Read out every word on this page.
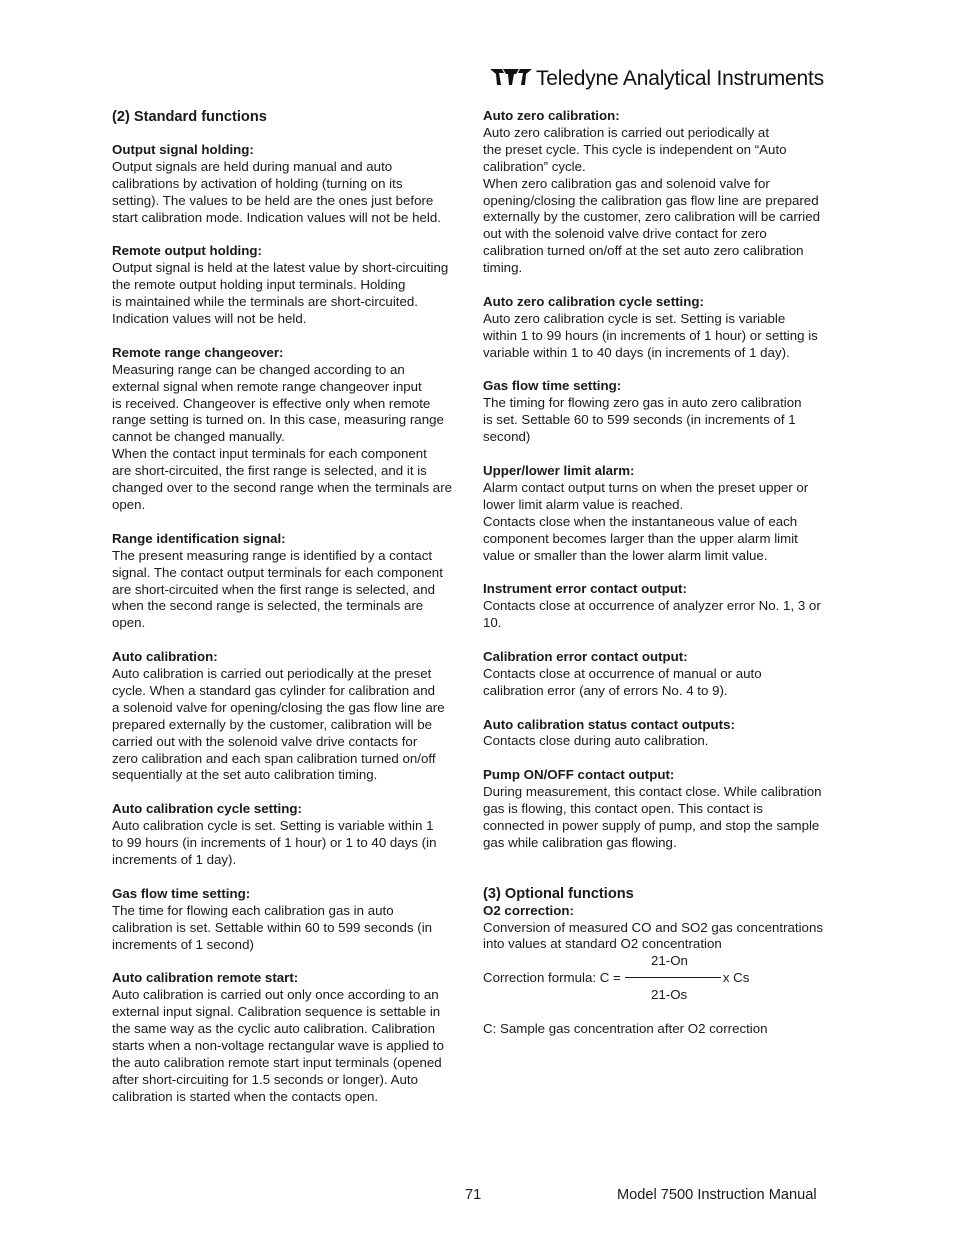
Teledyne Analytical Instruments
(2) Standard functions
Output signal holding:
Output signals are held during manual and auto
calibrations by activation of holding (turning on its
setting). The values to be held are the ones just before
start calibration mode. Indication values will not be held.
Remote output holding:
Output signal is held at the latest value by short-circuiting
the remote output holding input terminals. Holding
is maintained while the terminals are short-circuited.
Indication values will not be held.
Remote range changeover:
Measuring range can be changed according to an
external signal when remote range changeover input
is received. Changeover is effective only when remote
range setting is turned on. In this case, measuring range
cannot be changed manually.
When the contact input terminals for each component
are short-circuited, the first range is selected, and it is
changed over to the second range when the terminals are
open.
Range identification signal:
The present measuring range is identified by a contact
signal. The contact output terminals for each component
are short-circuited when the first range is selected, and
when the second range is selected, the terminals are
open.
Auto calibration:
Auto calibration is carried out periodically at the preset
cycle. When a standard gas cylinder for calibration and
a solenoid valve for opening/closing the gas flow line are
prepared externally by the customer, calibration will be
carried out with the solenoid valve drive contacts for
zero calibration and each span calibration turned on/off
sequentially at the set auto calibration timing.
Auto calibration cycle setting:
Auto calibration cycle is set. Setting is variable within 1
to 99 hours (in increments of 1 hour) or 1 to 40 days (in
increments of 1 day).
Gas flow time setting:
The time for flowing each calibration gas in auto
calibration is set. Settable within 60 to 599 seconds (in
increments of 1 second)
Auto calibration remote start:
Auto calibration is carried out only once according to an
external input signal. Calibration sequence is settable in
the same way as the cyclic auto calibration. Calibration
starts when a non-voltage rectangular wave is applied to
the auto calibration remote start input terminals (opened
after short-circuiting for 1.5 seconds or longer). Auto
calibration is started when the contacts open.
Auto zero calibration:
Auto zero calibration is carried out periodically at
the preset cycle. This cycle is independent on “Auto
calibration” cycle.
When zero calibration gas and solenoid valve for
opening/closing the calibration gas flow line are prepared
externally by the customer, zero calibration will be carried
out with the solenoid valve drive contact for zero
calibration turned on/off at the set auto zero calibration
timing.
Auto zero calibration cycle setting:
Auto zero calibration cycle is set. Setting is variable
within 1 to 99 hours (in increments of 1 hour) or setting is
variable within 1 to 40 days (in increments of 1 day).
Gas flow time setting:
The timing for flowing zero gas in auto zero calibration
is set. Settable 60 to 599 seconds (in increments of 1
second)
Upper/lower limit alarm:
Alarm contact output turns on when the preset upper or
lower limit alarm value is reached.
Contacts close when the instantaneous value of each
component becomes larger than the upper alarm limit
value or smaller than the lower alarm limit value.
Instrument error contact output:
Contacts close at occurrence of analyzer error No. 1, 3 or
10.
Calibration error contact output:
Contacts close at occurrence of manual or auto
calibration error (any of errors No. 4 to 9).
Auto calibration status contact outputs:
Contacts close during auto calibration.
Pump ON/OFF contact output:
During measurement, this contact close. While calibration
gas is flowing, this contact open. This contact is
connected in power supply of pump, and stop the sample
gas while calibration gas flowing.
(3) Optional functions
O2 correction:
Conversion of measured CO and SO2 gas concentrations
into values at standard O2 concentration
21-On
Correction formula: C =	x Cs
21-Os
C: Sample gas concentration after O2 correction
71	Model 7500 Instruction Manual
